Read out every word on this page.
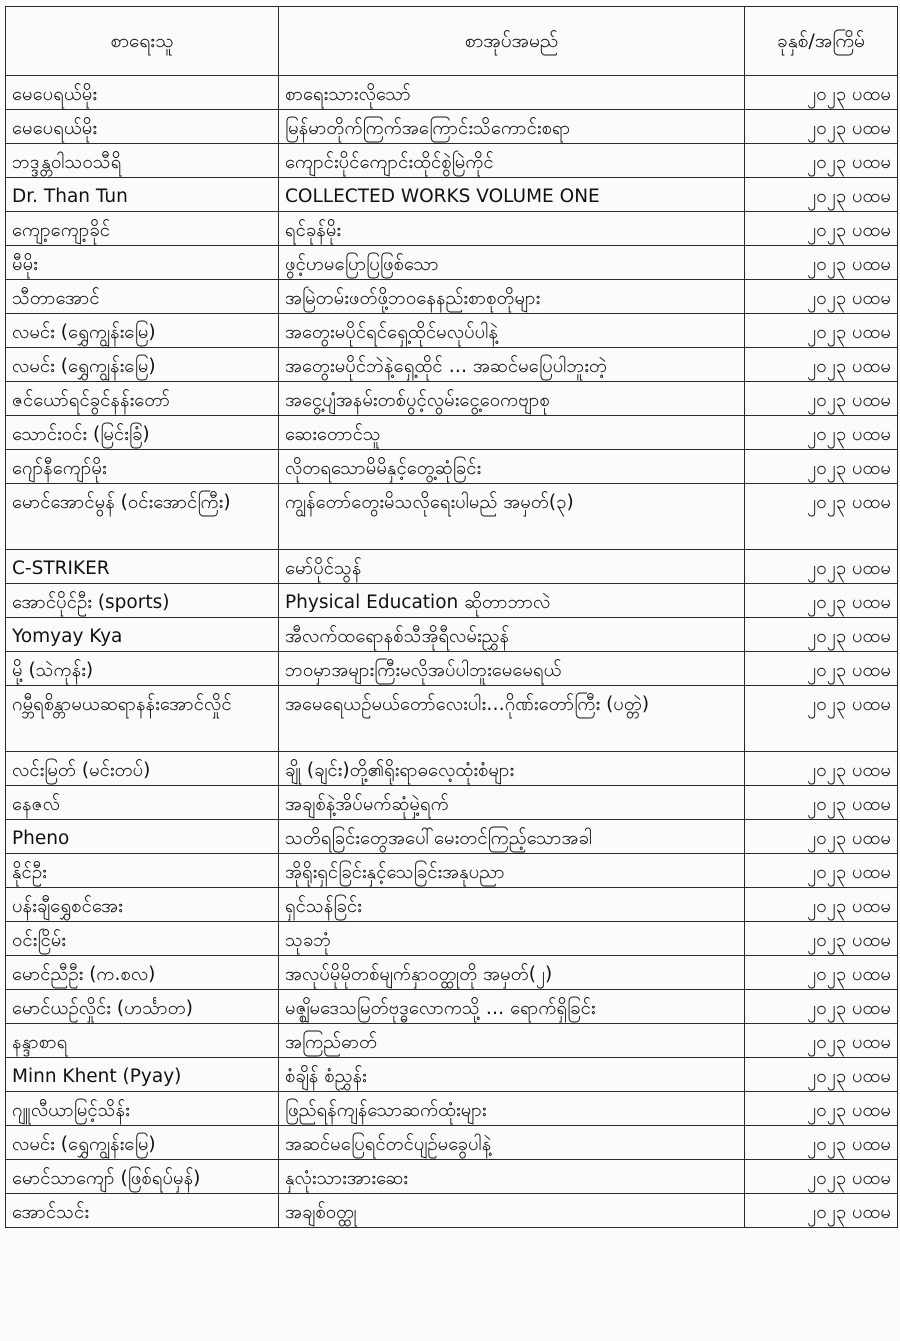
စာရေးသူ	စာအုပ်အမည်	ခုနှစ်/အကြိမ်
မေပေရယ်မိုး	စာရေးသားလိုသော်	၂၀၂၃ ပထမ
မေပေရယ်မိုး	မြန်မာတိုက်ကြက်အကြောင်းသိကောင်းစရာ	၂၀၂၃ ပထမ
ဘဒ္ဒန္တဝါသဝသီရိ	ကျောင်းပိုင်ကျောင်းထိုင်စွဲမြဲကိုင်	၂၀၂၃ ပထမ
Dr. Than Tun	COLLECTED WORKS VOLUME ONE	၂၀၂၃ ပထမ
ကျော့ကျော့ခိုင်	ရင်ခုန်မိုး	၂၀၂၃ ပထမ
မီမိုး	ဖွင့်ဟမပြောပြဖြစ်သော	၂၀၂၃ ပထမ
သီတာအောင်	အမြဲတမ်းဖတ်ဖို့ဘဝနေနည်းစာစုတိုများ	၂၀၂၃ ပထမ
လမင်း (ရွှေကျွန်းမြေ)	အတွေးမပိုင်ရင်ရှေ့ထိုင်မလုပ်ပါနဲ့	၂၀၂၃ ပထမ
လမင်း (ရွှေကျွန်းမြေ)	အတွေးမပိုင်ဘဲနဲ့ရှေ့ထိုင် … အဆင်မပြေပါဘူးတဲ့	၂၀၂၃ ပထမ
ဇင်ယော်ရင်ခွင်နန်းတော်	အငွေ့ပျံအနမ်းတစ်ပွင့်လွမ်းငွေ့ဝေကဗျာစု	၂၀၂၃ ပထမ
သောင်းဝင်း (မြင်းခြံ)	ဆေးတောင်သူ	၂၀၂၃ ပထမ
ဂျော်နီကျော်မိုး	လိုတရသောမိမိနှင့်တွေ့ဆုံခြင်း	၂၀၂၃ ပထမ
မောင်အောင်မွန် (ဝင်းအောင်ကြီး)	ကျွန်တော်တွေးမိသလိုရေးပါမည် အမှတ်(၃)	၂၀၂၃ ပထမ
C-STRIKER	မော်ပိုင်သွန်	၂၀၂၃ ပထမ
အောင်ပိုင်ဦး (sports)	Physical Education ဆိုတာဘာလဲ	၂၀၂၃ ပထမ
Yomyay Kya	အီလက်ထရောနစ်သီအိုရီလမ်းညွှန်	၂၀၂၃ ပထမ
မို့ (သဲကုန်း)	ဘဝမှာအများကြီးမလိုအပ်ပါဘူးမေမေရယ်	၂၀၂၃ ပထမ
ဂမ္ဘီရစိန္တာမယဆရာနန်းအောင်လှိုင်	အမေရေယဉ်မယ်တော်လေးပါး…ဂိုဏ်းတော်ကြီး (ပတ္တဲ)	၂၀၂၃ ပထမ
လင်းမြတ် (မင်းတပ်)	ချို (ချင်း)တို့၏ရိုးရာဓလေ့ထုံးစံများ	၂၀၂၃ ပထမ
နေဇလ်	အချစ်နဲ့အိပ်မက်ဆုံမှဲ့ရက်	၂၀၂၃ ပထမ
Pheno	သတိရခြင်းတွေအပေါ်မေးတင်ကြည့်သောအခါ	၂၀၂၃ ပထမ
နိုင်ဦး	အိုရိုးရှင်ခြင်းနှင့်သေခြင်းအနုပညာ	၂၀၂၃ ပထမ
ပန်းချီရွှေစင်အေး	ရှင်သန်ခြင်း	၂၀၂၃ ပထမ
ဝင်းငြိမ်း	သုခဘုံ	၂၀၂၃ ပထမ
မောင်ညီဦး (က.စလ)	အလုပ်မိုမိုတစ်မျက်နှာဝတ္ထုတို အမှတ်(၂)	၂၀၂၃ ပထမ
မောင်ယဉ်လှိုင်း (ဟင်္သာတ)	မဇ္ဈိမဒေသမြတ်ဗုဒ္ဓလောကသို့ … ရောက်ရှိခြင်း	၂၀၂၃ ပထမ
နန္ဒာစာရ	အကြည်ဓာတ်	၂၀၂၃ ပထမ
Minn Khent (Pyay)	စံချိန် စံညွှန်း	၂၀၂၃ ပထမ
ဂျူလီယာမြင့်သိန်း	ဖြည်ရန်ကျန်သောဆက်ထုံးများ	၂၀၂၃ ပထမ
လမင်း (ရွှေကျွန်းမြေ)	အဆင်မပြေရင်တင်ပျဉ်မခွေပါနဲ့	၂၀၂၃ ပထမ
မောင်သာကျော် (ဖြစ်ရပ်မှန်)	နှလုံးသားအားဆေး	၂၀၂၃ ပထမ
အောင်သင်း	အချစ်ဝတ္ထု	၂၀၂၃ ပထမ
